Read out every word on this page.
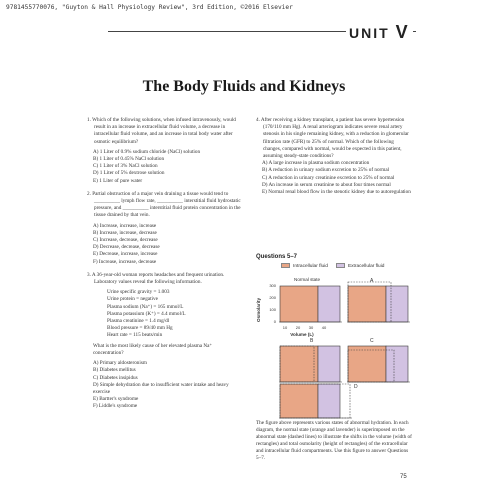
9781455770076, "Guyton & Hall Physiology Review", 3rd Edition, ©2016 Elsevier
UNIT V
The Body Fluids and Kidneys
1. Which of the following solutions, when infused intravenously, would result in an increase in extracellular fluid volume, a decrease in intracellular fluid volume, and an increase in total body water after osmotic equilibrium?
A) 1 Liter of 0.9% sodium chloride (NaCl) solution
B) 1 Liter of 0.45% NaCl solution
C) 1 Liter of 3% NaCl solution
D) 1 Liter of 5% dextrose solution
E) 1 Liter of pure water
2. Partial obstruction of a major vein draining a tissue would tend to __________ lymph flow rate, __________ interstitial fluid hydrostatic pressure, and __________ interstitial fluid protein concentration in the tissue drained by that vein.
A) Increase, increase, increase
B) Increase, increase, decrease
C) Increase, decrease, decrease
D) Decrease, decrease, decrease
E) Decrease, increase, increase
F) Increase, increase, decrease
3. A 36-year-old woman reports headaches and frequent urination. Laboratory values reveal the following information.
Urine specific gravity = 1.003
Urine protein = negative
Plasma sodium (Na⁺) = 165 mmol/L
Plasma potassium (K⁺) = 4.4 mmol/L
Plasma creatinine = 1.4 mg/dl
Blood pressure = 89/40 mm Hg
Heart rate = 115 beats/min
What is the most likely cause of her elevated plasma Na⁺ concentration?
A) Primary aldosteronism
B) Diabetes mellitus
C) Diabetes insipidus
D) Simple dehydration due to insufficient water intake and heavy exercise
E) Bartter's syndrome
F) Liddle's syndrome
4. After receiving a kidney transplant, a patient has severe hypertension (170/110 mm Hg). A renal arteriogram indicates severe renal artery stenosis in his single remaining kidney, with a reduction in glomerular filtration rate (GFR) to 25% of normal. Which of the following changes, compared with normal, would be expected in this patient, assuming steady-state conditions?
A) A large increase in plasma sodium concentration
B) A reduction in urinary sodium excretion to 25% of normal
C) A reduction in urinary creatinine excretion to 25% of normal
D) An increase in serum creatinine to about four times normal
E) Normal renal blood flow in the stenotic kidney due to autoregulation
Questions 5–7
Intracellular fluid	Extracellular fluid
Normal state
Osmolarity
300
200
100
0
10 20 30 40
Volume (L)
A
B	C
D
The figure above represents various states of abnormal hydration. In each diagram, the normal state (orange and lavender) is superimposed on the abnormal state (dashed lines) to illustrate the shifts in the volume (width of rectangles) and total osmolarity (height of rectangles) of the extracellular and intracellular fluid compartments. Use this figure to answer Questions 5–7.
75
